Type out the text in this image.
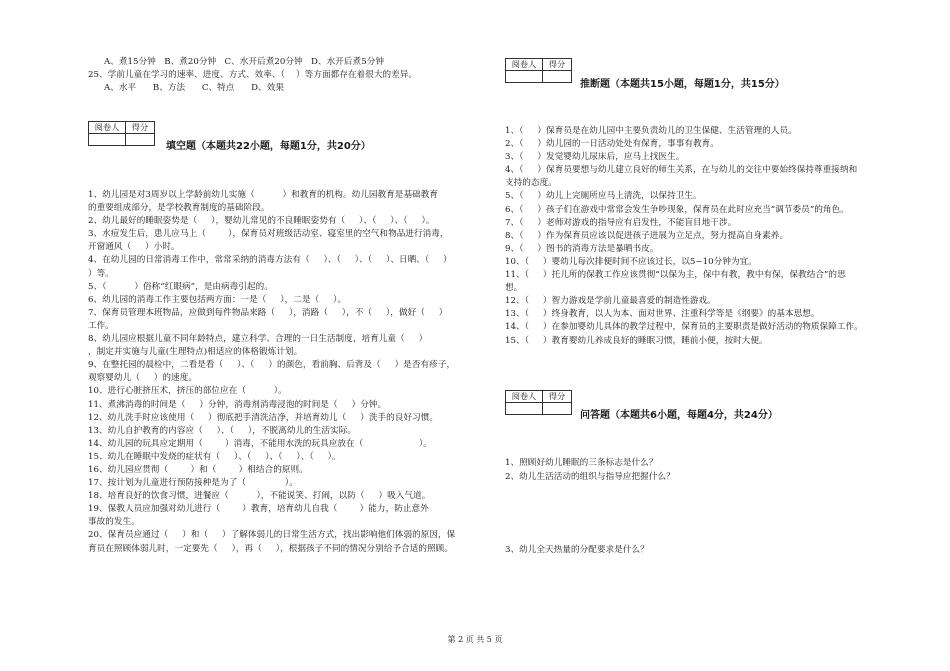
A、煮15分钟   B、煮20分钟   C、水开后煮20分钟   D、水开后煮5分钟
25、学前儿童在学习的速率、进度、方式、效率、（    ）等方面都存在着很大的差异。
A、水平      B、方法      C、特点      D、效果
阅卷人	得分

填空题（本题共22小题，每题1分，共20分）
1、幼儿园是对3周岁以上学龄前幼儿实施（          ）和教育的机构。幼儿园教育是基础教育
的重要组成部分，是学校教育制度的基础阶段。
2、幼儿最好的睡眠姿势是（     ），婴幼儿常见的不良睡眠姿势有（     ）、（     ）、（     ）。
3、水痘发生后，患儿应马上（        ），保育员对班级活动室、寝室里的空气和物品进行消毒，
开窗通风（     ）小时。
4、在幼儿园的日常消毒工作中，常常采纳的消毒方法有（     ）、（     ）、（     ）、日晒、（     ）
）等。
5、（          ）俗称“红眼病”，是由病毒引起的。
6、幼儿园的消毒工作主要包括两方面：一是（     ），二是（     ）。
7、保育员管理本班物品，应做到每件物品来路（     ），消路（     ），不（     ），做好（     ）
工作。
8、幼儿园应根据儿童不同年龄特点，建立科学、合理的一日生活制度，培育儿童（     ）
，制定并实施与儿童(生理特点)相适应的体格锻炼计划。
9、在整托园的晨检中，二看是看（     ）、（     ）的颜色，看前胸、后背及（     ）是否有疹子，
观察婴幼儿（     ）的速度。
10、进行心脏挤压术，挤压的部位应在（          ）。
11、煮沸消毒的时间是（     ）分钟，消毒剂消毒浸泡的时间是（     ）分钟。
12、幼儿洗手时应该使用（     ）彻底把手清洗洁净，并培育幼儿（     ）洗手的良好习惯。
13、幼儿自护教育的内容应（     ）、（     ），不脱离幼儿的生活实际。
14、幼儿园的玩具应定期用（        ）消毒，不能用水洗的玩具应放在（                    ）。
15、幼儿在睡眠中发烧的症状有（     ）、（     ）、（     ）、（     ）。
16、幼儿园应贯彻（        ）和（        ）相结合的原则。
17、按计划为儿童进行预防接种是为了（              ）。
18、培育良好的饮食习惯，进餐应（          ），不能说笑、打闹，以防（     ）吸入气道。
19、保教人员应加强对幼儿进行（        ）教育，培育幼儿自我（        ）能力，防止意外
事故的发生。
20、保育员应通过（     ）和（     ）了解体弱儿的日常生活方式，找出影响他们体弱的原因，保
育员在照顾体弱儿时，一定要先（     ），再（     ），根据孩子不同的情况分别给予合适的照顾。
阅卷人	得分

推断题（本题共15小题，每题1分，共15分）
1、（     ）保育员是在幼儿园中主要负责幼儿的卫生保健、生活管理的人员。
2、（     ）幼儿园的一日活动处处有保育，事事有教育。
3、（     ）发觉婴幼儿尿床后，应马上找医生。
4、（     ）保育员要想与幼儿建立良好的师生关系，在与幼儿的交往中要始终保持尊重接纳和
支持的态度。
5、（     ）幼儿上完厕所应马上清洗，以保持卫生。
6、（     ）孩子们在游戏中常常会发生争吵现象，保育员在此时应充当“调节委员”的角色。
7、（     ）老师对游戏的指导应有启发性，不能盲目地干涉。
8、（     ）作为保育员应该以促进孩子进展为立足点，努力提高自身素养。
9、（     ）图书的消毒方法是暴晒书皮。
10、（     ）婴幼儿每次排便时间不应该过长，以5~10分钟为宜。
11、（     ）托儿所的保教工作应该贯彻“以保为主，保中有教，教中有保，保教结合”的思
想。
12、（     ）智力游戏是学前儿童最喜爱的制造性游戏。
13、（     ）终身教育，以人为本、面对世界、注重科学等是《纲要》的基本思想。
14、（     ）在参加婴幼儿具体的教学过程中，保育员的主要职责是做好活动的物质保障工作。
15、（     ）教育婴幼儿养成良好的睡眠习惯，睡前小便，按时大便。
阅卷人	得分

问答题（本题共6小题，每题4分，共24分）
1、照顾好幼儿睡眠的三条标志是什么？
2、幼儿生活活动的组织与指导应把握什么？
3、幼儿全天热量的分配要求是什么？
第 2 页 共 5 页
